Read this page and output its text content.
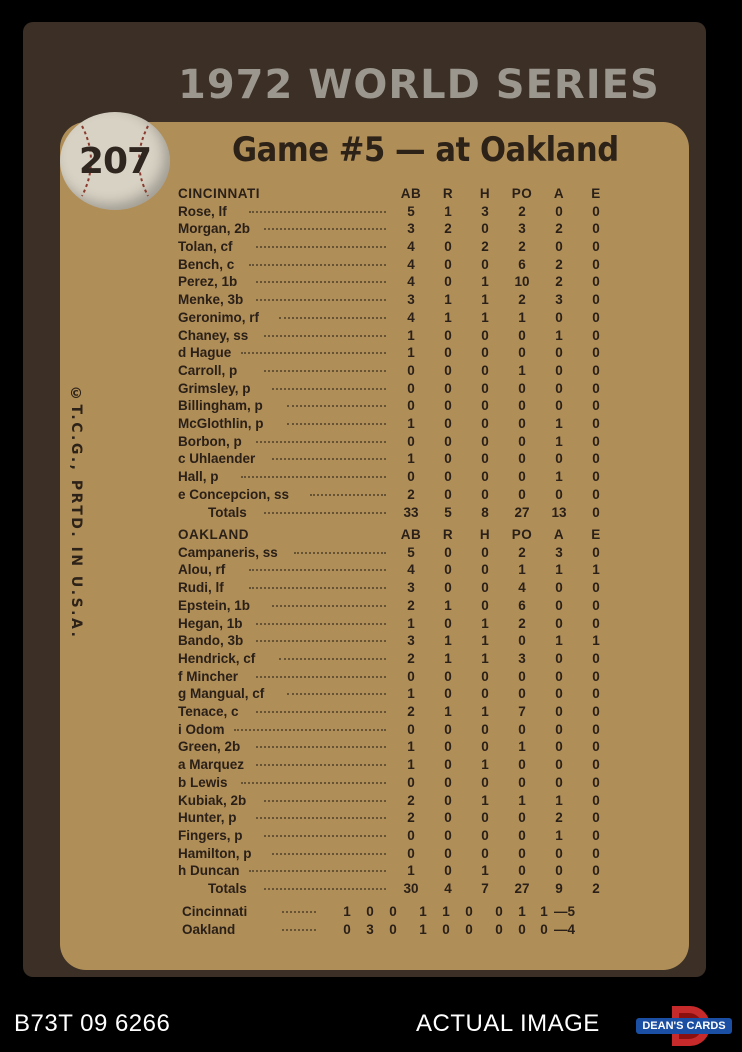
1972 WORLD SERIES
207 Game #5 — at Oakland

©T.C.G., PRTD. IN U.S.A.

CINCINNATI	AB	R	H	PO	A	E
Rose, lf	5	1	3	2	0	0
Morgan, 2b	3	2	0	3	2	0
Tolan, cf	4	0	2	2	0	0
Bench, c	4	0	0	6	2	0
Perez, 1b	4	0	1	10	2	0
Menke, 3b	3	1	1	2	3	0
Geronimo, rf	4	1	1	1	0	0
Chaney, ss	1	0	0	0	1	0
d Hague	1	0	0	0	0	0
Carroll, p	0	0	0	1	0	0
Grimsley, p	0	0	0	0	0	0
Billingham, p	0	0	0	0	0	0
McGlothlin, p	1	0	0	0	1	0
Borbon, p	0	0	0	0	1	0
c Uhlaender	1	0	0	0	0	0
Hall, p	0	0	0	0	1	0
e Concepcion, ss	2	0	0	0	0	0
Totals	33	5	8	27	13	0
OAKLAND	AB	R	H	PO	A	E
Campaneris, ss	5	0	0	2	3	0
Alou, rf	4	0	0	1	1	1
Rudi, lf	3	0	0	4	0	0
Epstein, 1b	2	1	0	6	0	0
Hegan, 1b	1	0	1	2	0	0
Bando, 3b	3	1	1	0	1	1
Hendrick, cf	2	1	1	3	0	0
f Mincher	0	0	0	0	0	0
g Mangual, cf	1	0	0	0	0	0
Tenace, c	2	1	1	7	0	0
i Odom	0	0	0	0	0	0
Green, 2b	1	0	0	1	0	0
a Marquez	1	0	1	0	0	0
b Lewis	0	0	0	0	0	0
Kubiak, 2b	2	0	1	1	1	0
Hunter, p	2	0	0	0	2	0
Fingers, p	0	0	0	0	1	0
Hamilton, p	0	0	0	0	0	0
h Duncan	1	0	1	0	0	0
Totals	30	4	7	27	9	2
Cincinnati	1	0	0	1	1	0	0	1	1 —5
Oakland	0	3	0	1	0	0	0	0	0 —4

B73T 09 6266	ACTUAL IMAGE	DEAN'S CARDS
